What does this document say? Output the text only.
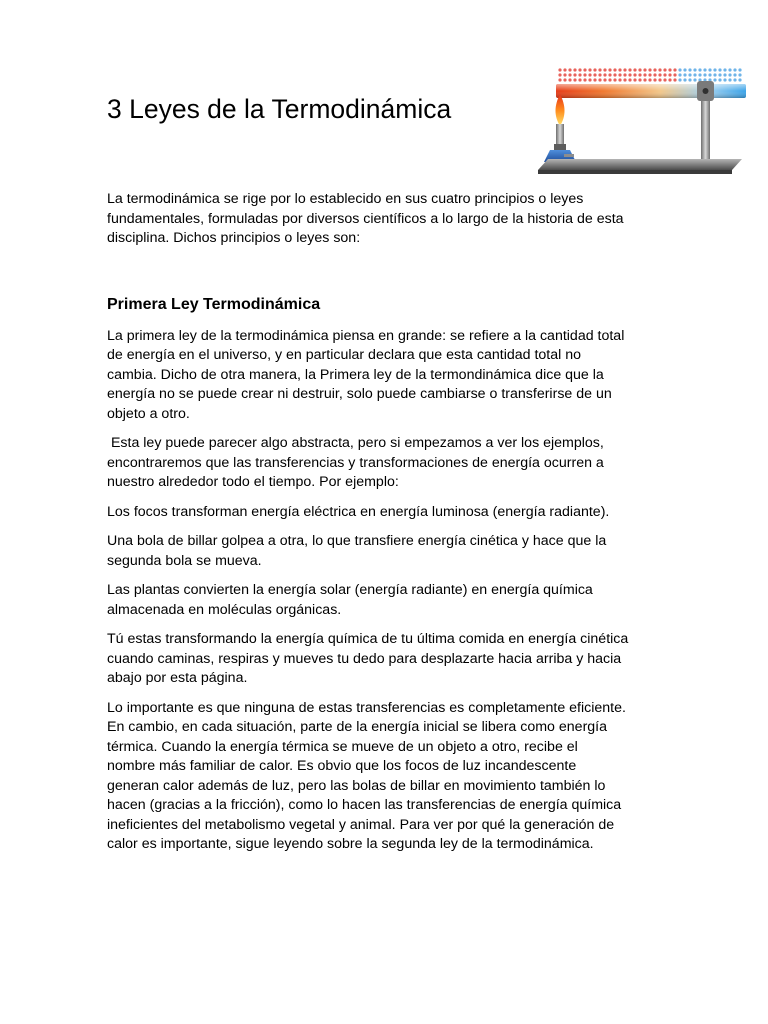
3 Leyes de la Termodinámica

La termodinámica se rige por lo establecido en sus cuatro principios o leyes
fundamentales, formuladas por diversos científicos a lo largo de la historia de esta
disciplina. Dichos principios o leyes son:

Primera Ley Termodinámica

La primera ley de la termodinámica piensa en grande: se refiere a la cantidad total
de energía en el universo, y en particular declara que esta cantidad total no
cambia. Dicho de otra manera, la Primera ley de la termondinámica dice que la
energía no se puede crear ni destruir, solo puede cambiarse o transferirse de un
objeto a otro.

Esta ley puede parecer algo abstracta, pero si empezamos a ver los ejemplos,
encontraremos que las transferencias y transformaciones de energía ocurren a
nuestro alrededor todo el tiempo. Por ejemplo:

Los focos transforman energía eléctrica en energía luminosa (energía radiante).

Una bola de billar golpea a otra, lo que transfiere energía cinética y hace que la
segunda bola se mueva.

Las plantas convierten la energía solar (energía radiante) en energía química
almacenada en moléculas orgánicas.

Tú estas transformando la energía química de tu última comida en energía cinética
cuando caminas, respiras y mueves tu dedo para desplazarte hacia arriba y hacia
abajo por esta página.

Lo importante es que ninguna de estas transferencias es completamente eficiente.
En cambio, en cada situación, parte de la energía inicial se libera como energía
térmica. Cuando la energía térmica se mueve de un objeto a otro, recibe el
nombre más familiar de calor. Es obvio que los focos de luz incandescente
generan calor además de luz, pero las bolas de billar en movimiento también lo
hacen (gracias a la fricción), como lo hacen las transferencias de energía química
ineficientes del metabolismo vegetal y animal. Para ver por qué la generación de
calor es importante, sigue leyendo sobre la segunda ley de la termodinámica.
